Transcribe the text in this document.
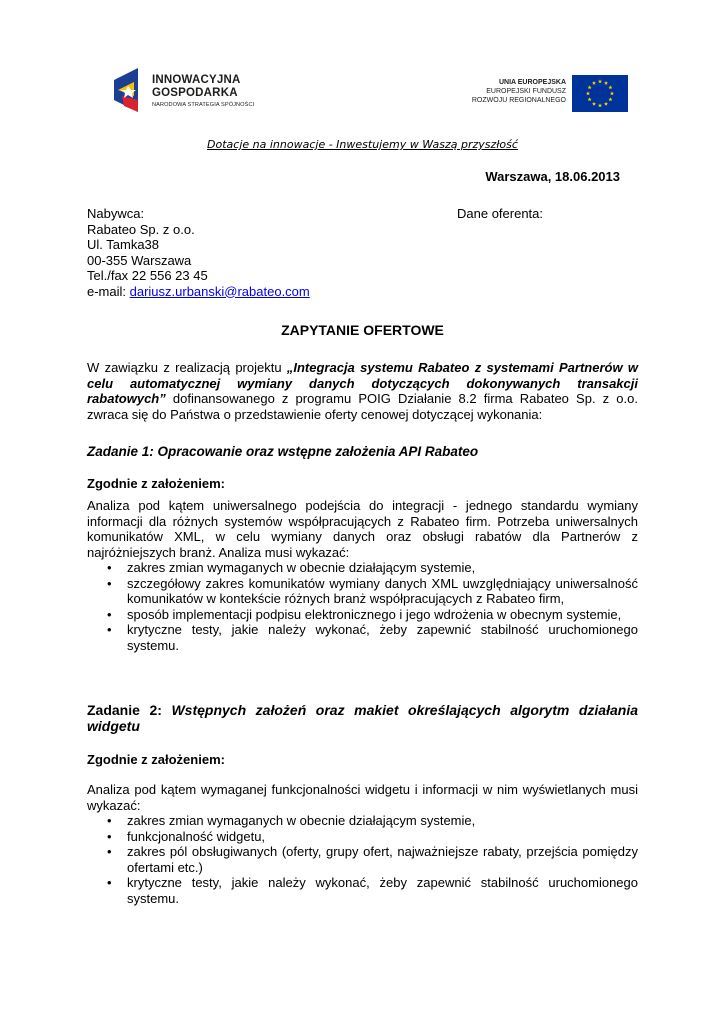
INNOWACYJNA
GOSPODARKA
NARODOWA STRATEGIA SPÓJNOŚCI
UNIA EUROPEJSKA
EUROPEJSKI FUNDUSZ
ROZWOJU REGIONALNEGO
Dotacje na innowacje - Inwestujemy w Waszą przyszłość
Warszawa, 18.06.2013
Nabywca:
Rabateo Sp. z o.o.
Ul. Tamka38
00-355 Warszawa
Tel./fax 22 556 23 45
e-mail: dariusz.urbanski@rabateo.com
Dane oferenta:
ZAPYTANIE OFERTOWE
W zawiązku z realizacją projektu „Integracja systemu Rabateo z systemami Partnerów w celu automatycznej wymiany danych dotyczących dokonywanych transakcji rabatowych” dofinansowanego z programu POIG Działanie 8.2 firma Rabateo Sp. z o.o. zwraca się do Państwa o przedstawienie oferty cenowej dotyczącej wykonania:
Zadanie 1: Opracowanie oraz wstępne założenia API Rabateo
Zgodnie z założeniem:

Analiza pod kątem uniwersalnego podejścia do integracji - jednego standardu wymiany informacji dla różnych systemów współpracujących z Rabateo firm. Potrzeba uniwersalnych komunikatów XML, w celu wymiany danych oraz obsługi rabatów dla Partnerów z najróżniejszych branż. Analiza musi wykazać:

• zakres zmian wymaganych w obecnie działającym systemie,
• szczegółowy zakres komunikatów wymiany danych XML uwzględniający uniwersalność komunikatów w kontekście różnych branż współpracujących z Rabateo firm,
• sposób implementacji podpisu elektronicznego i jego wdrożenia w obecnym systemie,
• krytyczne testy, jakie należy wykonać, żeby zapewnić stabilność uruchomionego systemu.
Zadanie 2: Wstępnych założeń oraz makiet określających algorytm działania widgetu
Zgodnie z założeniem:

Analiza pod kątem wymaganej funkcjonalności widgetu i informacji w nim wyświetlanych musi wykazać:

• zakres zmian wymaganych w obecnie działającym systemie,
• funkcjonalność widgetu,
• zakres pól obsługiwanych (oferty, grupy ofert, najważniejsze rabaty, przejścia pomiędzy ofertami etc.)
• krytyczne testy, jakie należy wykonać, żeby zapewnić stabilność uruchomionego systemu.
